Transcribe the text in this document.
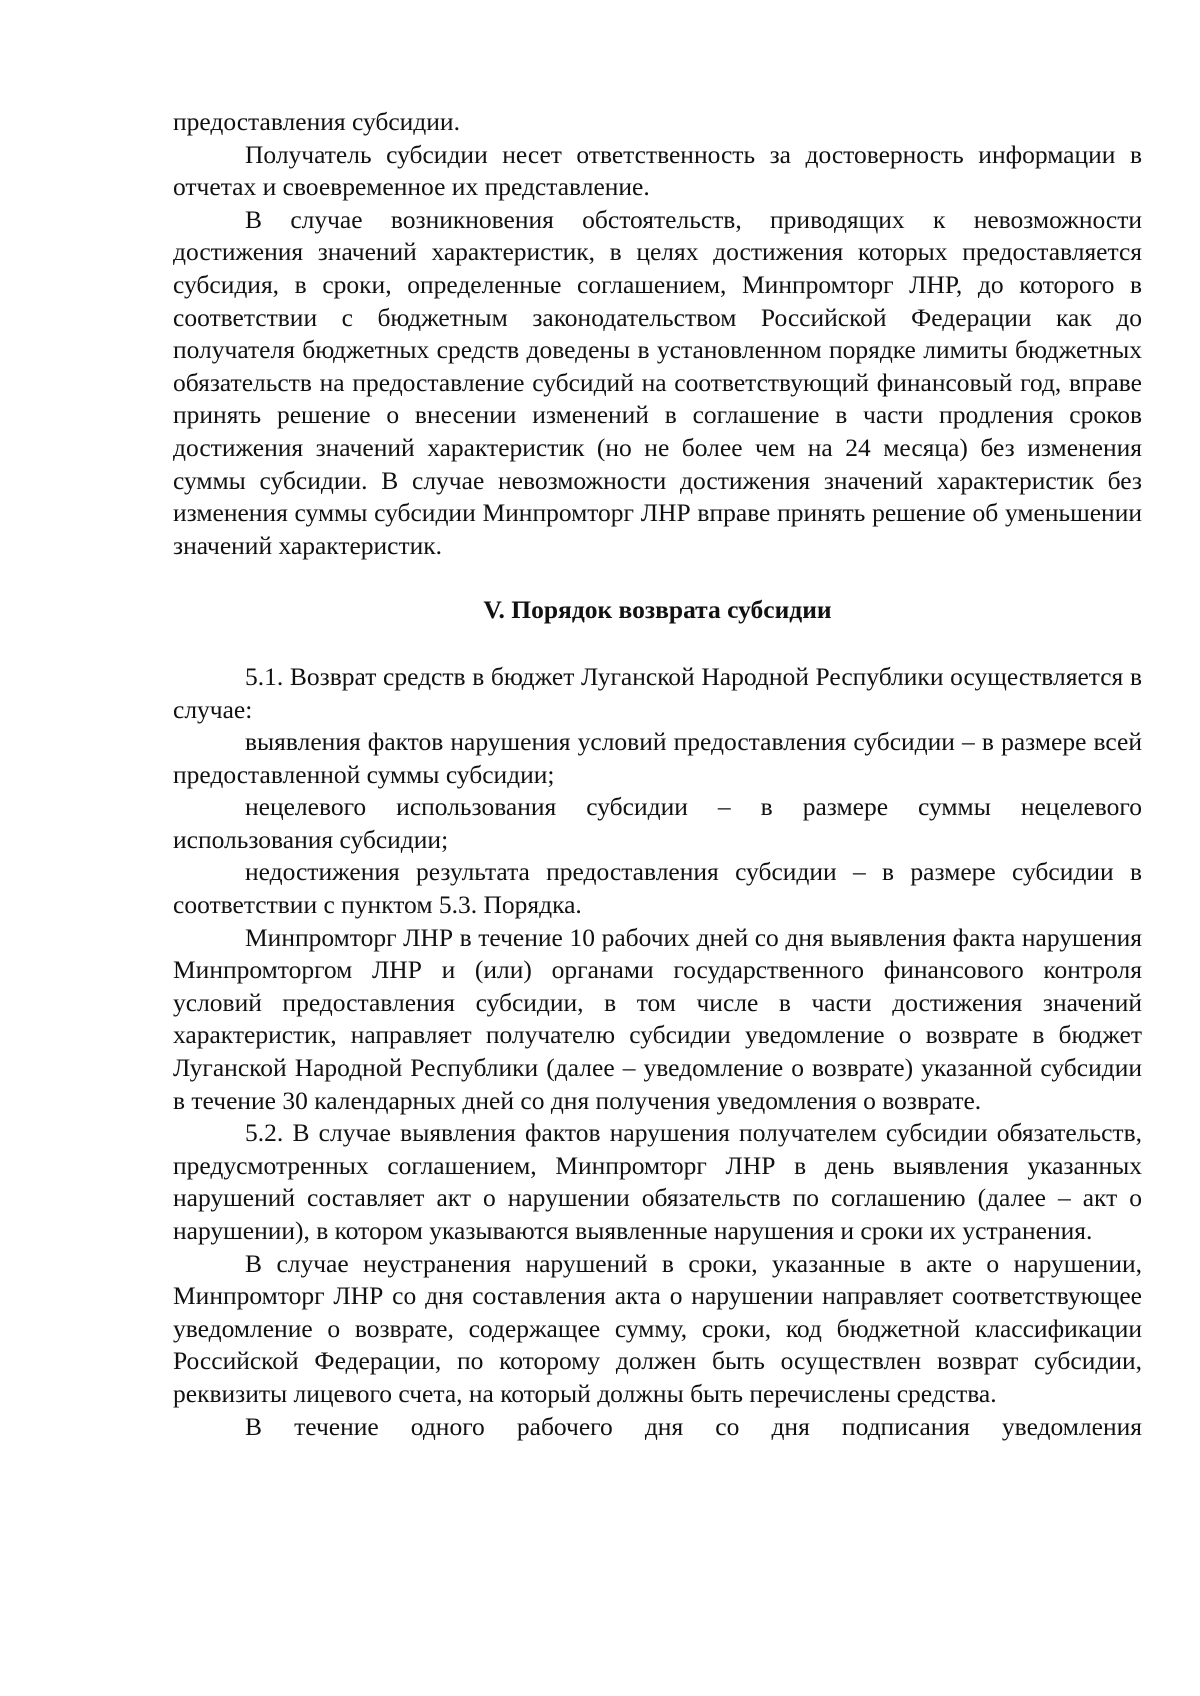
предоставления субсидии.

Получатель субсидии несет ответственность за достоверность информации в отчетах и своевременное их представление.

В случае возникновения обстоятельств, приводящих к невозможности достижения значений характеристик, в целях достижения которых предоставляется субсидия, в сроки, определенные соглашением, Минпромторг ЛНР, до которого в соответствии с бюджетным законодательством Российской Федерации как до получателя бюджетных средств доведены в установленном порядке лимиты бюджетных обязательств на предоставление субсидий на соответствующий финансовый год, вправе принять решение о внесении изменений в соглашение в части продления сроков достижения значений характеристик (но не более чем на 24 месяца) без изменения суммы субсидии. В случае невозможности достижения значений характеристик без изменения суммы субсидии Минпромторг ЛНР вправе принять решение об уменьшении значений характеристик.

V. Порядок возврата субсидии

5.1. Возврат средств в бюджет Луганской Народной Республики осуществляется в случае:

выявления фактов нарушения условий предоставления субсидии – в размере всей предоставленной суммы субсидии;

нецелевого использования субсидии – в размере суммы нецелевого использования субсидии;

недостижения результата предоставления субсидии – в размере субсидии в соответствии с пунктом 5.3. Порядка.

Минпромторг ЛНР в течение 10 рабочих дней со дня выявления факта нарушения Минпромторгом ЛНР и (или) органами государственного финансового контроля условий предоставления субсидии, в том числе в части достижения значений характеристик, направляет получателю субсидии уведомление о возврате в бюджет Луганской Народной Республики (далее – уведомление о возврате) указанной субсидии в течение 30 календарных дней со дня получения уведомления о возврате.

5.2. В случае выявления фактов нарушения получателем субсидии обязательств, предусмотренных соглашением, Минпромторг ЛНР в день выявления указанных нарушений составляет акт о нарушении обязательств по соглашению (далее – акт о нарушении), в котором указываются выявленные нарушения и сроки их устранения.

В случае неустранения нарушений в сроки, указанные в акте о нарушении, Минпромторг ЛНР со дня составления акта о нарушении направляет соответствующее уведомление о возврате, содержащее сумму, сроки, код бюджетной классификации Российской Федерации, по которому должен быть осуществлен возврат субсидии, реквизиты лицевого счета, на который должны быть перечислены средства.

В течение одного рабочего дня со дня подписания уведомления
